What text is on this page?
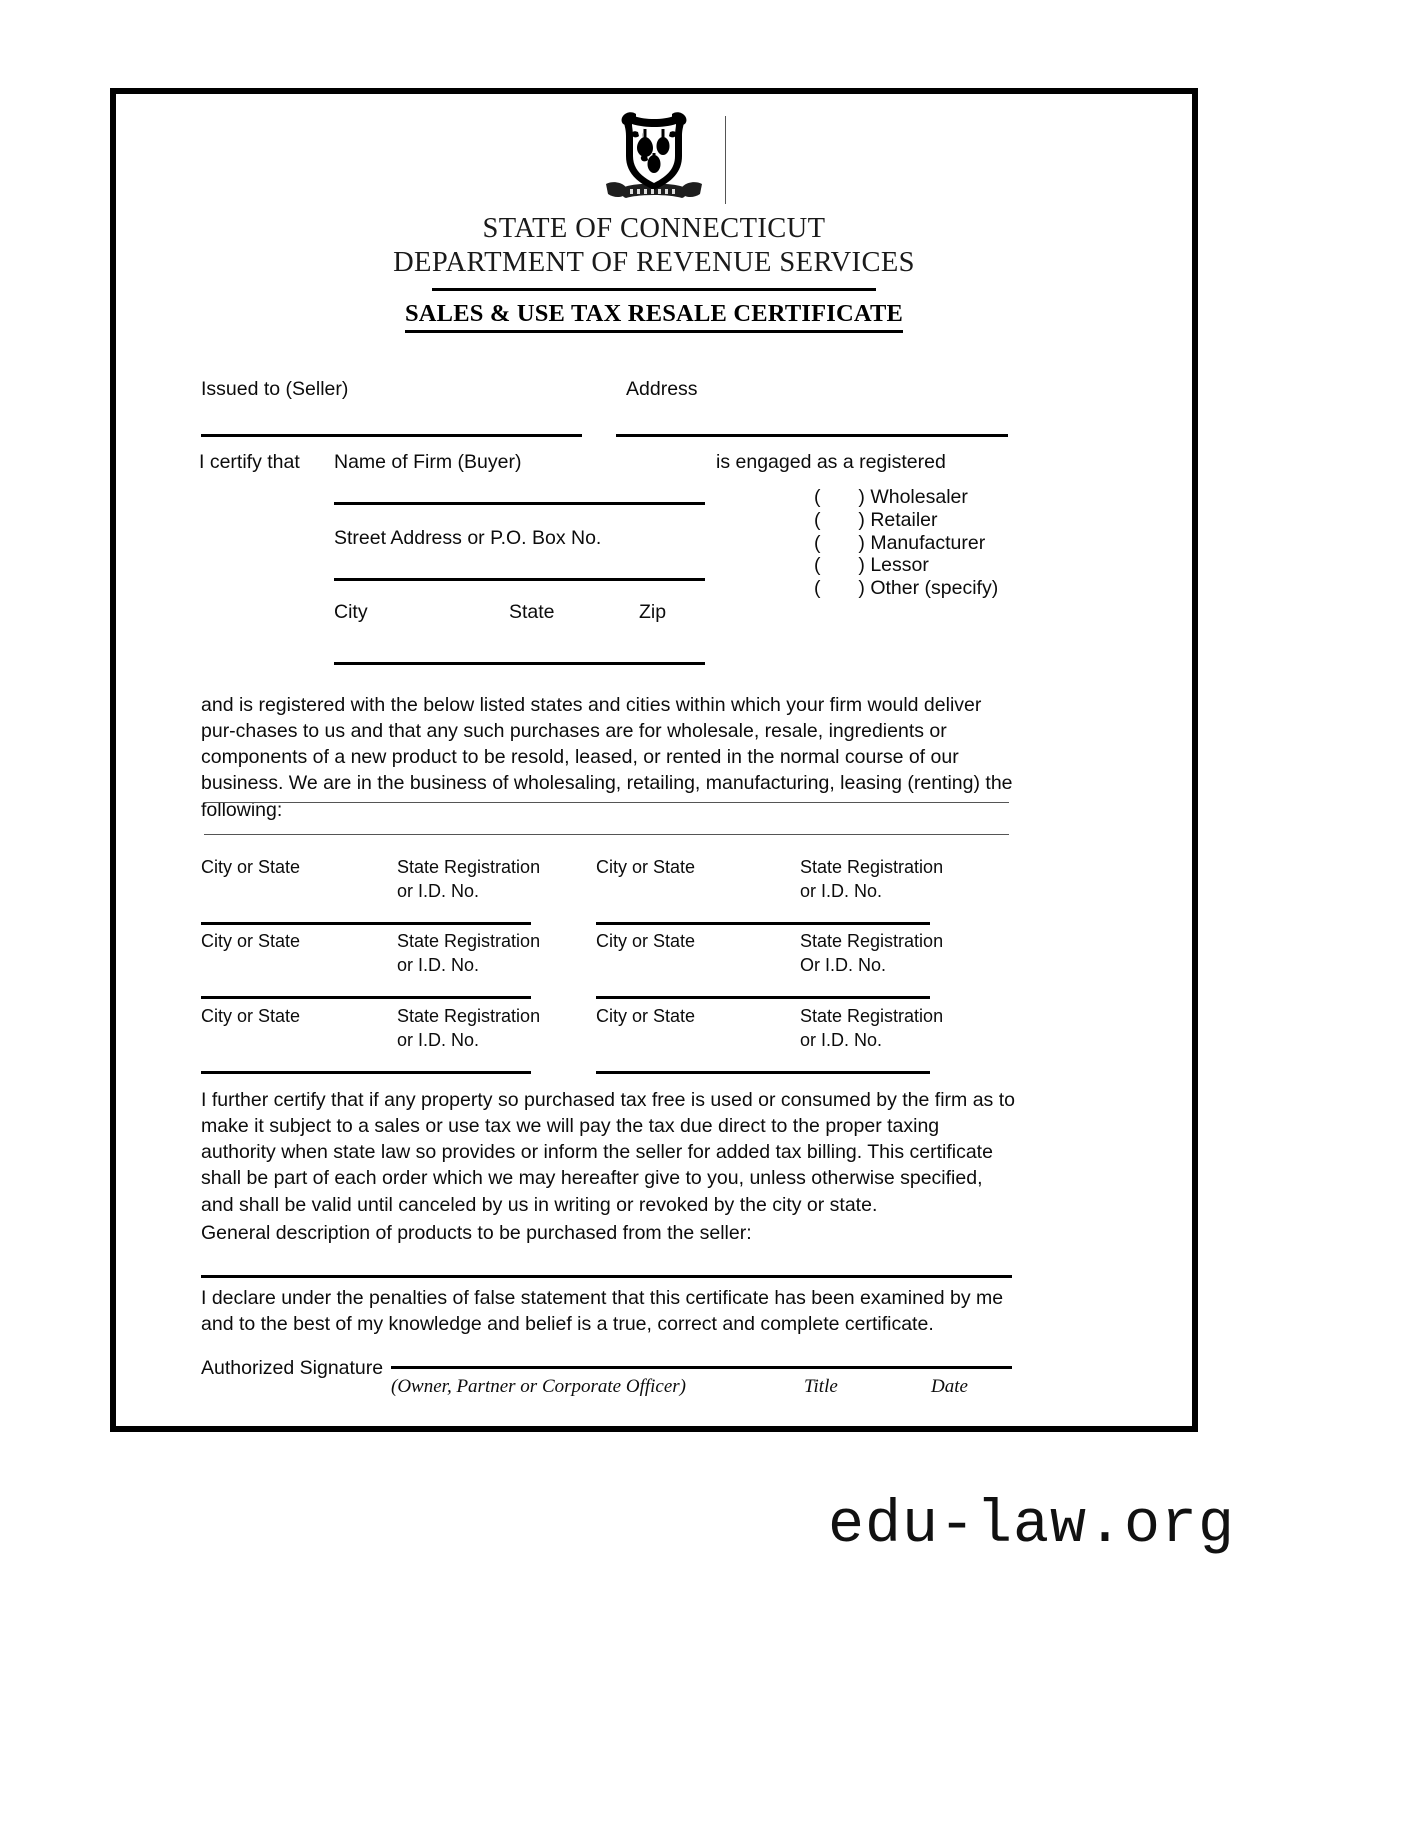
STATE OF CONNECTICUT
DEPARTMENT OF REVENUE SERVICES
SALES & USE TAX RESALE CERTIFICATE
Issued to (Seller)	Address
I certify that Name of Firm (Buyer)	is engaged as a registered
Street Address or P.O. Box No.
City	State	Zip
(       ) Wholesaler
(       ) Retailer
(       ) Manufacturer
(       ) Lessor
(       ) Other (specify)
and is registered with the below listed states and cities within which your firm would deliver pur-chases to us and that any such purchases are for wholesale, resale, ingredients or components of a new product to be resold, leased, or rented in the normal course of our business. We are in the business of wholesaling, retailing, manufacturing, leasing (renting) the following:
City or State	State Registration
or I.D. No.
City or State	State Registration
or I.D. No.
City or State	State Registration
or I.D. No.
City or State	State Registration
Or I.D. No.
City or State	State Registration
or I.D. No.
City or State	State Registration
or I.D. No.
I further certify that if any property so purchased tax free is used or consumed by the firm as to make it subject to a sales or use tax we will pay the tax due direct to the proper taxing authority when state law so provides or inform the seller for added tax billing. This certificate shall be part of each order which we may hereafter give to you, unless otherwise specified, and shall be valid until canceled by us in writing or revoked by the city or state.
General description of products to be purchased from the seller:
I declare under the penalties of false statement that this certificate has been examined by me and to the best of my knowledge and belief is a true, correct and complete certificate.
Authorized Signature
(Owner, Partner or Corporate Officer)	Title	Date
edu-law.org
